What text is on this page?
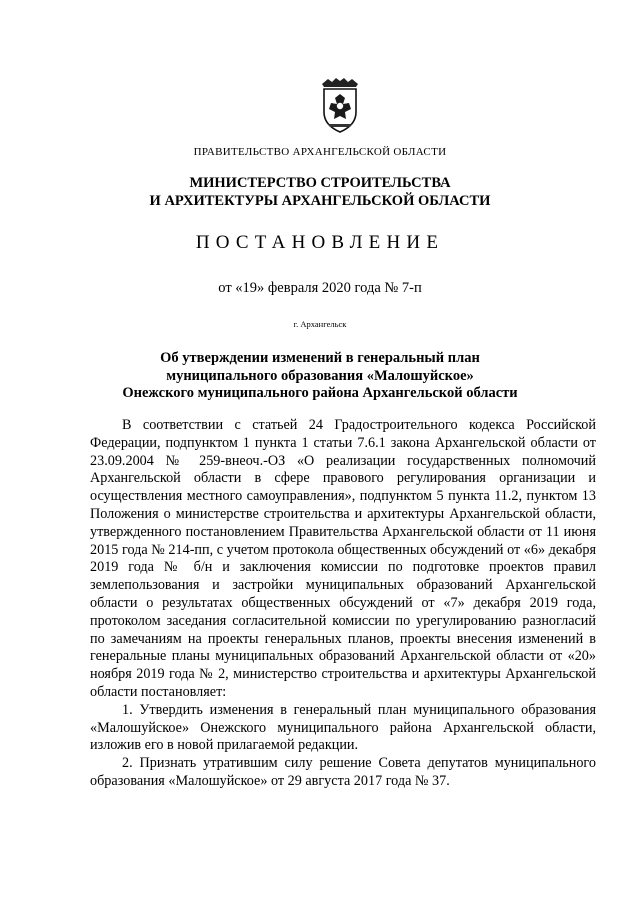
ПРАВИТЕЛЬСТВО АРХАНГЕЛЬСКОЙ ОБЛАСТИ
МИНИСТЕРСТВО СТРОИТЕЛЬСТВА
И АРХИТЕКТУРЫ АРХАНГЕЛЬСКОЙ ОБЛАСТИ
ПОСТАНОВЛЕНИЕ
от «19» февраля 2020 года № 7-п
г. Архангельск
Об утверждении изменений в генеральный план
муниципального образования «Малошуйское»
Онежского муниципального района Архангельской области

В соответствии с статьей 24 Градостроительного кодекса Российской Федерации, подпунктом 1 пункта 1 статьи 7.6.1 закона Архангельской области от 23.09.2004 № 259-внеоч.-ОЗ «О реализации государственных полномочий Архангельской области в сфере правового регулирования организации и осуществления местного самоуправления», подпунктом 5 пункта 11.2, пунктом 13 Положения о министерстве строительства и архитектуры Архангельской области, утвержденного постановлением Правительства Архангельской области от 11 июня 2015 года № 214-пп, с учетом протокола общественных обсуждений от «6» декабря 2019 года № б/н и заключения комиссии по подготовке проектов правил землепользования и застройки муниципальных образований Архангельской области о результатах общественных обсуждений от «7» декабря 2019 года, протоколом заседания согласительной комиссии по урегулированию разногласий по замечаниям на проекты генеральных планов, проекты внесения изменений в генеральные планы муниципальных образований Архангельской области от «20» ноября 2019 года № 2, министерство строительства и архитектуры Архангельской области постановляет:

1. Утвердить изменения в генеральный план муниципального образования «Малошуйское» Онежского муниципального района Архангельской области, изложив его в новой прилагаемой редакции.

2. Признать утратившим силу решение Совета депутатов муниципального образования «Малошуйское» от 29 августа 2017 года № 37.
